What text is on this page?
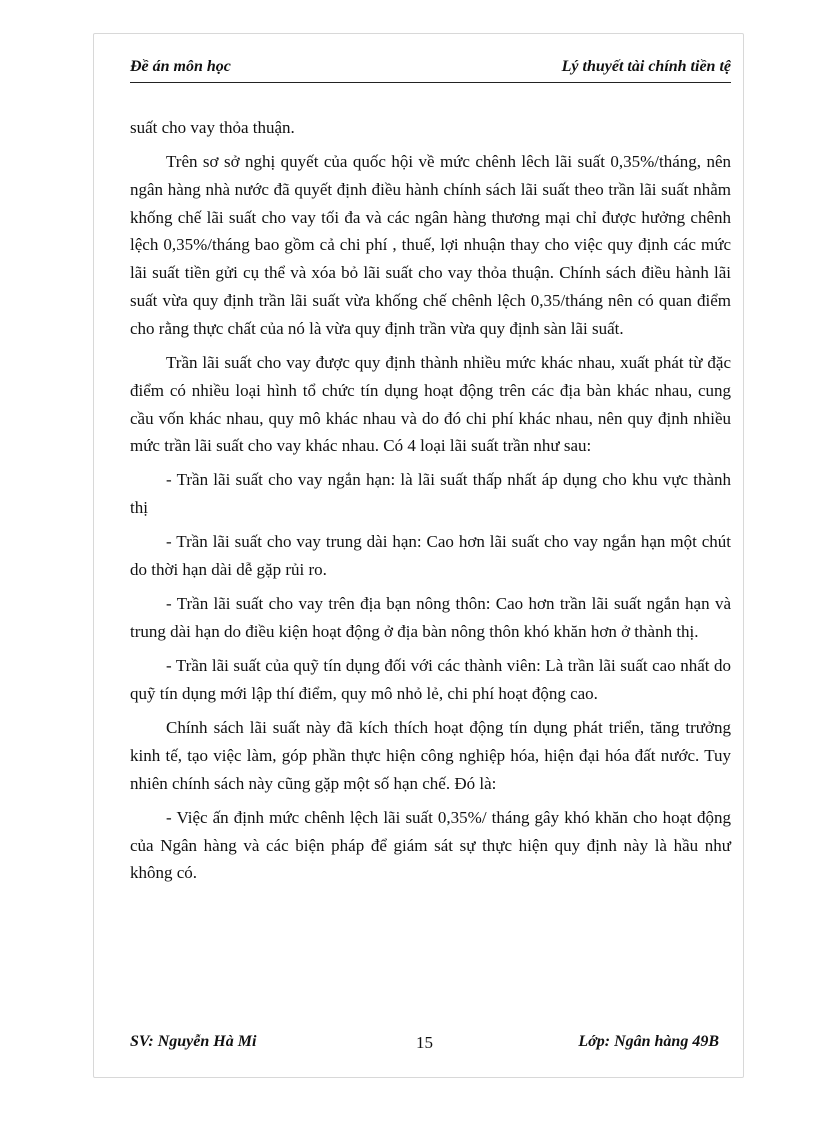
Đề án môn học	Lý thuyết tài chính tiền tệ

suất cho vay thỏa thuận.

Trên sơ sở nghị quyết của quốc hội về mức chênh lêch lãi suất 0,35%/tháng, nên ngân hàng nhà nước đã quyết định điều hành chính sách lãi suất theo trần lãi suất nhằm khống chế lãi suất cho vay tối đa và các ngân hàng thương mại chỉ được hưởng chênh lệch 0,35%/tháng bao gồm cả chi phí , thuế, lợi nhuận thay cho việc quy định các mức lãi suất tiền gửi cụ thể và xóa bỏ lãi suất cho vay thỏa thuận. Chính sách điều hành lãi suất vừa quy định trần lãi suất vừa khống chế chênh lệch 0,35/tháng nên có quan điểm cho rằng thực chất của nó là vừa quy định trần vừa quy định sàn lãi suất.

Trần lãi suất cho vay được quy định thành nhiều mức khác nhau, xuất phát từ đặc điểm có nhiều loại hình tổ chức tín dụng hoạt động trên các địa bàn khác nhau, cung cầu vốn khác nhau, quy mô khác nhau và do đó chi phí khác nhau, nên quy định nhiều mức trần lãi suất cho vay khác nhau. Có 4 loại lãi suất trần như sau:

- Trần lãi suất cho vay ngắn hạn: là lãi suất thấp nhất áp dụng cho khu vực thành thị

- Trần lãi suất cho vay trung dài hạn: Cao hơn lãi suất cho vay ngắn hạn một chút do thời hạn dài dễ gặp rủi ro.

- Trần lãi suất cho vay trên địa bạn nông thôn: Cao hơn trần lãi suất ngắn hạn và trung dài hạn do điều kiện hoạt động ở địa bàn nông thôn khó khăn hơn ở thành thị.

- Trần lãi suất của quỹ tín dụng đối với các thành viên: Là trần lãi suất cao nhất do quỹ tín dụng mới lập thí điểm, quy mô nhỏ lẻ, chi phí hoạt động cao.

Chính sách lãi suất này đã kích thích hoạt động tín dụng phát triển, tăng trưởng kinh tế, tạo việc làm, góp phần thực hiện công nghiệp hóa, hiện đại hóa đất nước. Tuy nhiên chính sách này cũng gặp một số hạn chế. Đó là:

- Việc ấn định mức chênh lệch lãi suất 0,35%/ tháng gây khó khăn cho hoạt động của Ngân hàng và các biện pháp để giám sát sự thực hiện quy định này là hầu như không có.

SV: Nguyễn Hà Mi	15	Lớp: Ngân hàng 49B
